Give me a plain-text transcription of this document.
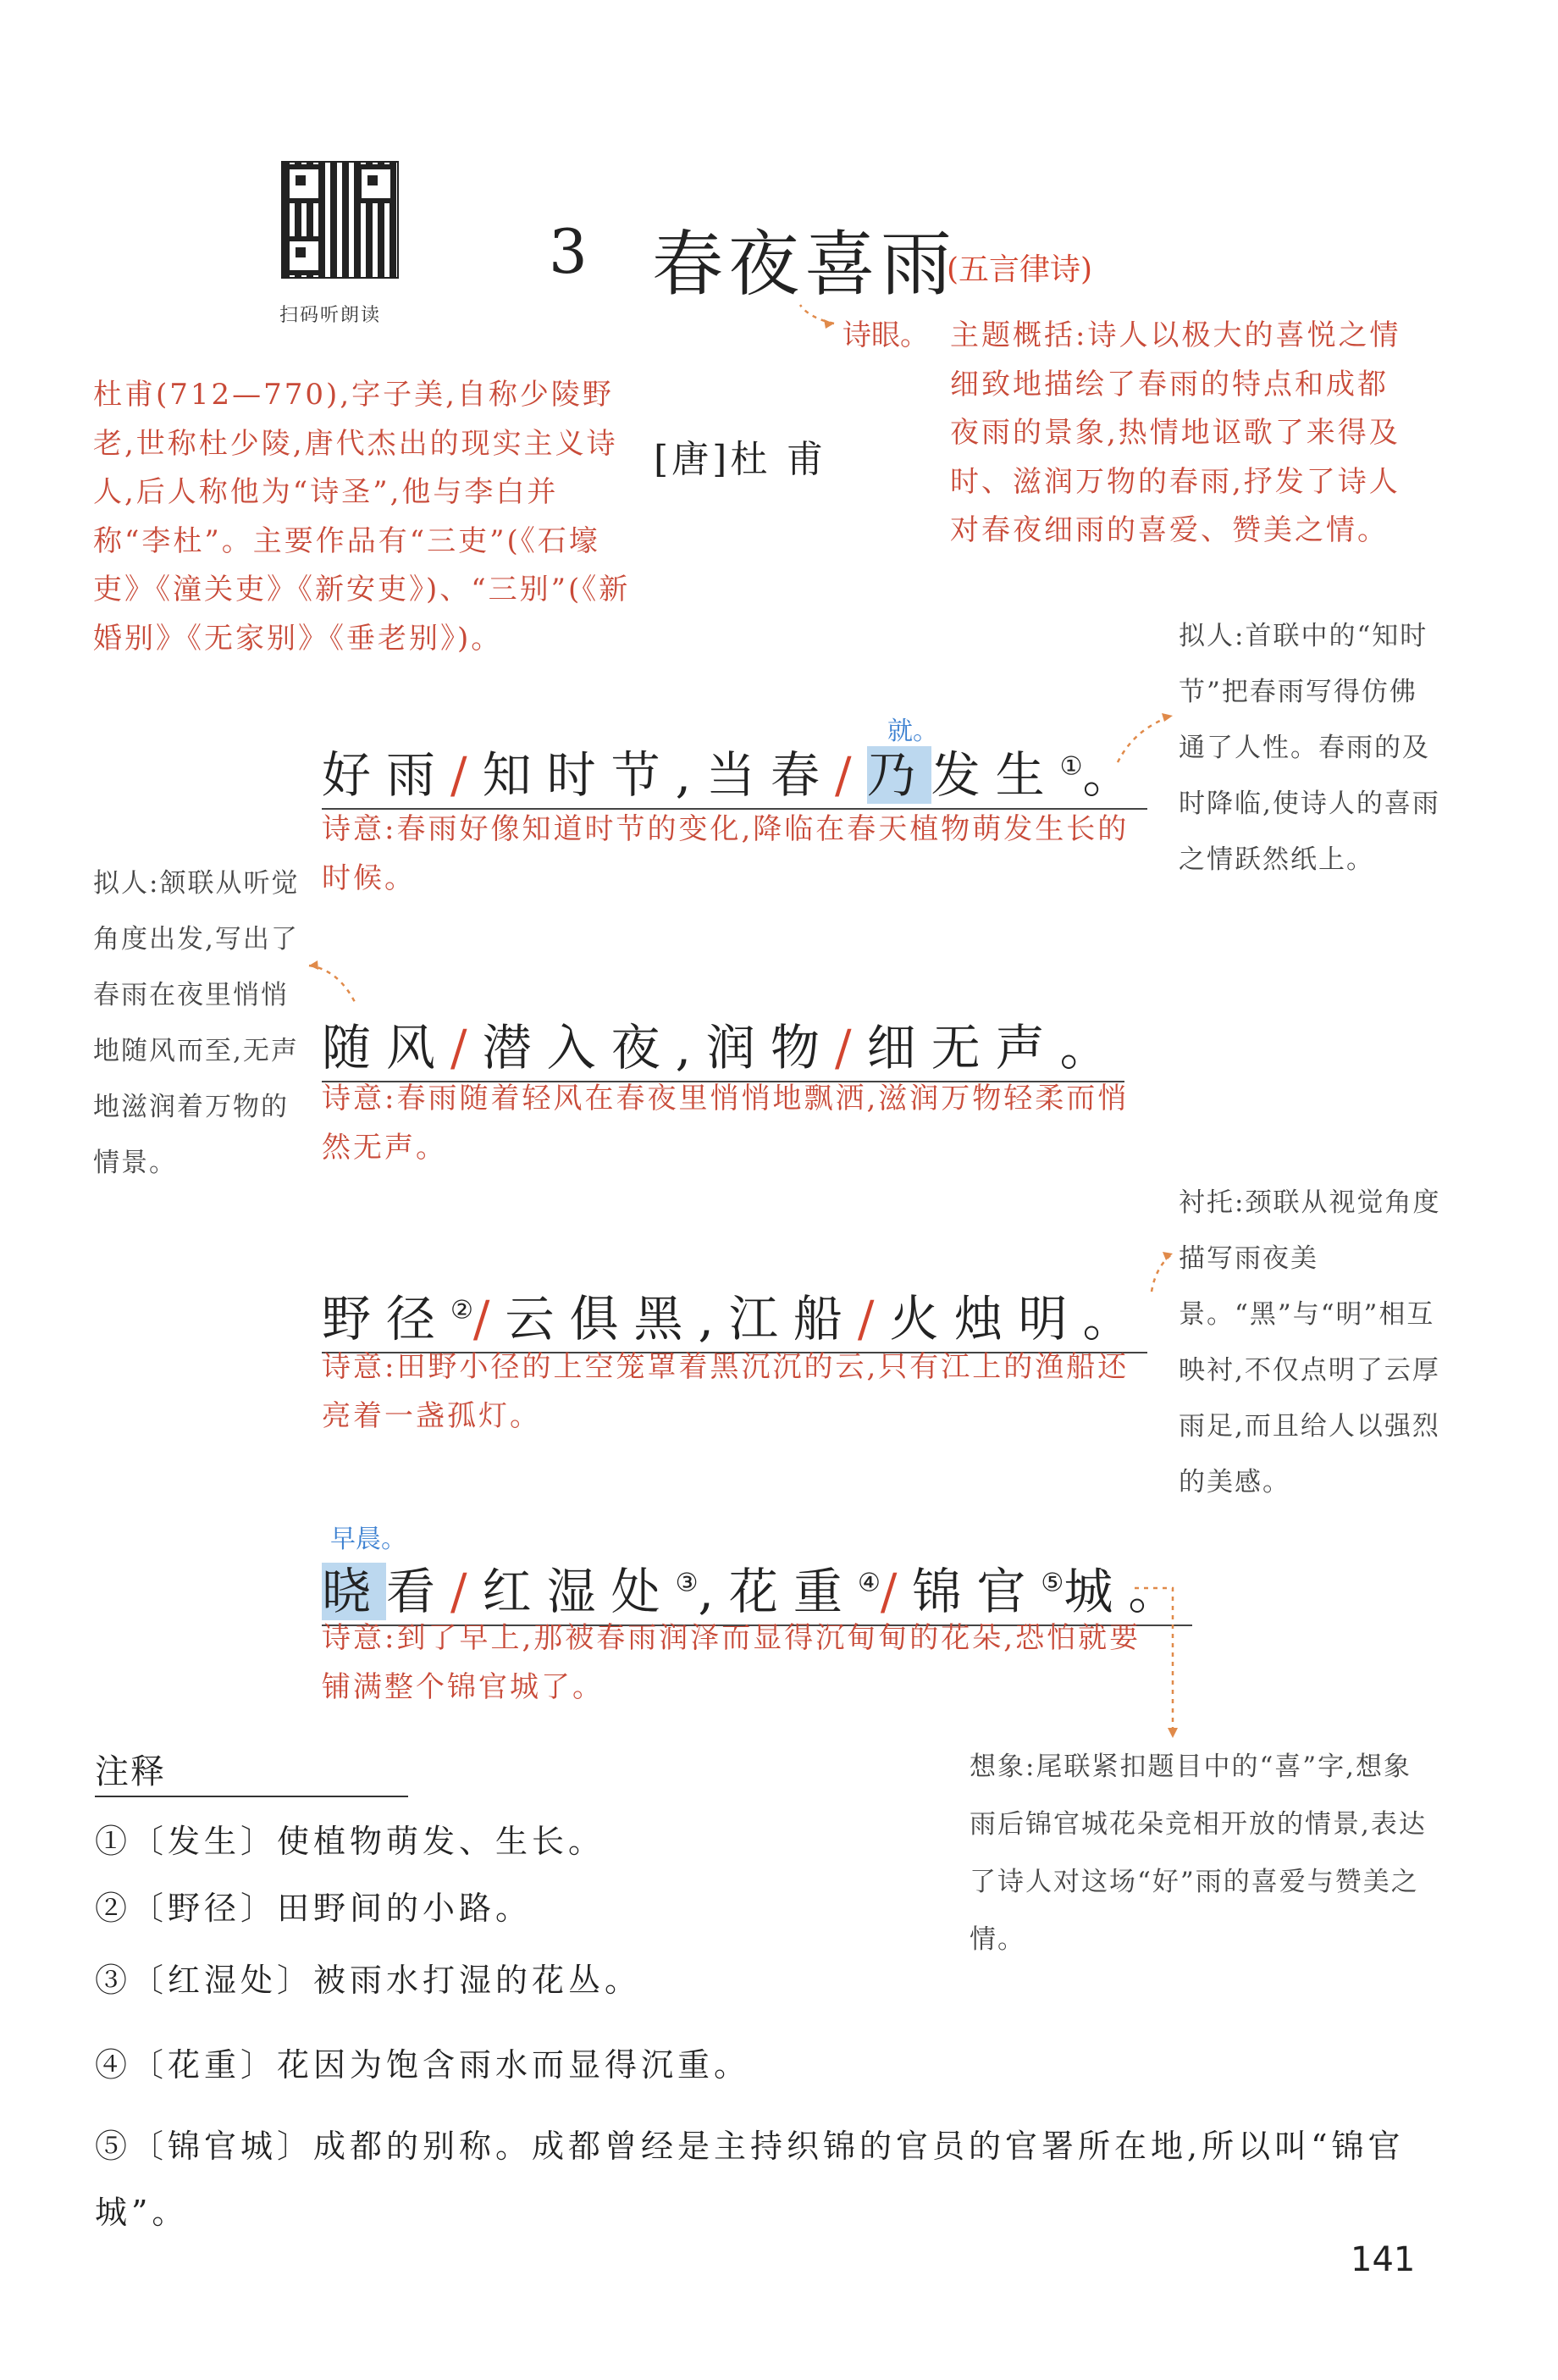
扫码听朗读
3 春夜喜雨
(五言律诗)
诗眼。
[唐]杜 甫
杜甫(712—770),字子美,自称少陵野老,世称杜少陵,唐代杰出的现实主义诗人,后人称他为“诗圣”,他与李白并称“李杜”。主要作品有“三吏”(《石壕吏》《潼关吏》《新安吏》)、“三别”(《新婚别》《无家别》《垂老别》)。
主题概括:诗人以极大的喜悦之情细致地描绘了春雨的特点和成都夜雨的景象,热情地讴歌了来得及时、滋润万物的春雨,抒发了诗人对春夜细雨的喜爱、赞美之情。
拟人:首联中的“知时节”把春雨写得仿佛通了人性。春雨的及时降临,使诗人的喜雨之情跃然纸上。
拟人:颔联从听觉角度出发,写出了春雨在夜里悄悄地随风而至,无声地滋润着万物的情景。
衬托:颈联从视觉角度描写雨夜美景。“黑”与“明”相互映衬,不仅点明了云厚雨足,而且给人以强烈的美感。
想象:尾联紧扣题目中的“喜”字,想象雨后锦官城花朵竞相开放的情景,表达了诗人对这场“好”雨的喜爱与赞美之情。
就。
早晨。
好雨/知时节,当春/乃发生①。
诗意:春雨好像知道时节的变化,降临在春天植物萌发生长的时候。
随风/潜入夜,润物/细无声。
诗意:春雨随着轻风在春夜里悄悄地飘洒,滋润万物轻柔而悄然无声。
野径②/云俱黑,江船/火烛明。
诗意:田野小径的上空笼罩着黑沉沉的云,只有江上的渔船还亮着一盏孤灯。
晓看/红湿处③,花重④/锦官⑤城。
诗意:到了早上,那被春雨润泽而显得沉甸甸的花朵,恐怕就要铺满整个锦官城了。
注释
①〔发生〕使植物萌发、生长。
②〔野径〕田野间的小路。
③〔红湿处〕被雨水打湿的花丛。
④〔花重〕花因为饱含雨水而显得沉重。
⑤〔锦官城〕成都的别称。成都曾经是主持织锦的官员的官署所在地,所以叫“锦官城”。
141
